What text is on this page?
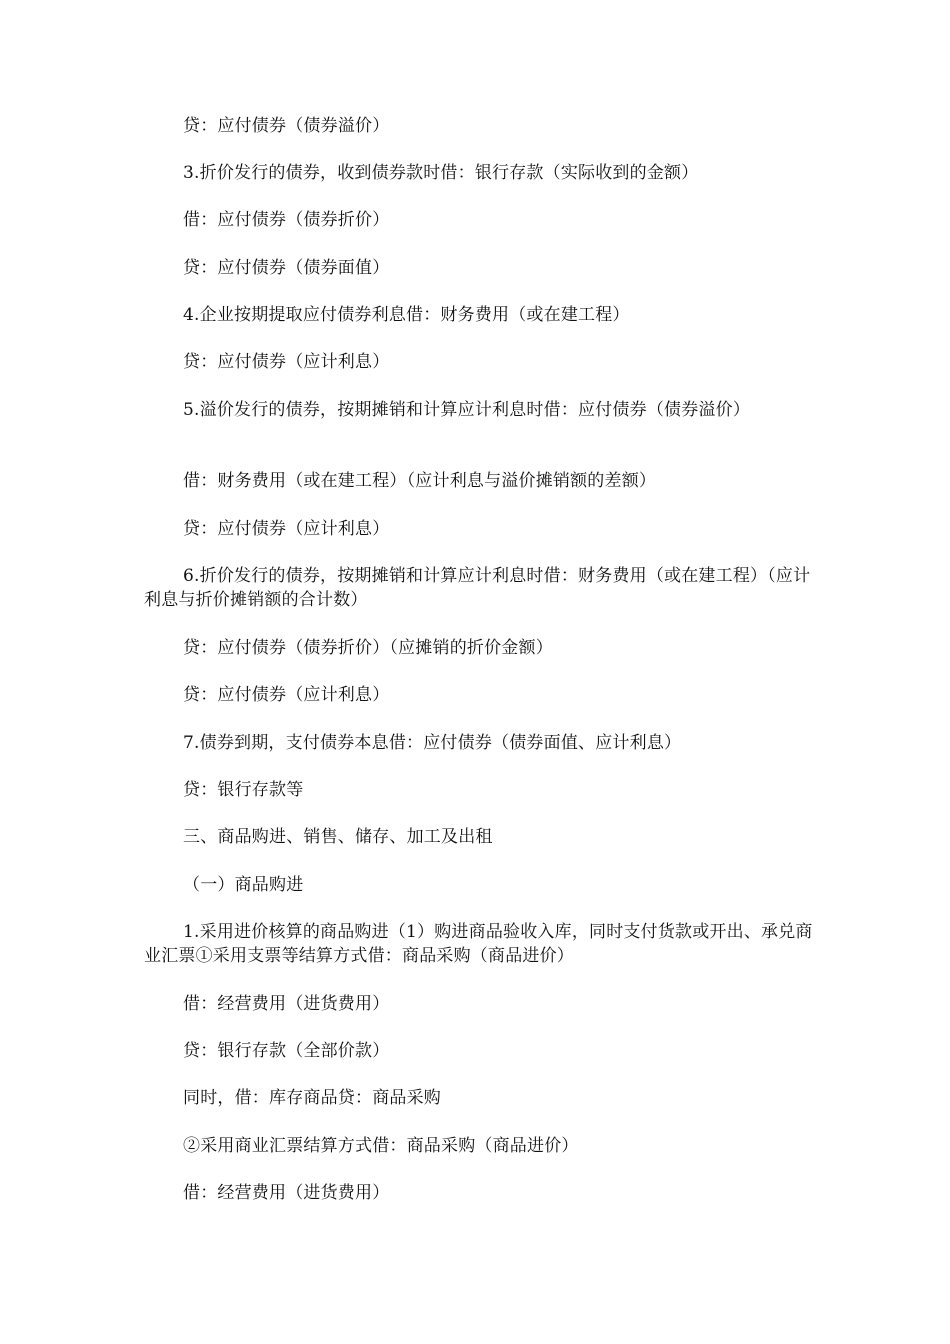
贷：应付债券（债券溢价）
3.折价发行的债券，收到债券款时借：银行存款（实际收到的金额）
借：应付债券（债券折价）
贷：应付债券（债券面值）
4.企业按期提取应付债券利息借：财务费用（或在建工程）
贷：应付债券（应计利息）
5.溢价发行的债券，按期摊销和计算应计利息时借：应付债券（债券溢价）
借：财务费用（或在建工程）（应计利息与溢价摊销额的差额）
贷：应付债券（应计利息）
6.折价发行的债券，按期摊销和计算应计利息时借：财务费用（或在建工程）（应计利息与折价摊销额的合计数）
贷：应付债券（债券折价）（应摊销的折价金额）
贷：应付债券（应计利息）
7.债券到期，支付债券本息借：应付债券（债券面值、应计利息）
贷：银行存款等
三、商品购进、销售、储存、加工及出租
（一）商品购进
1.采用进价核算的商品购进（1）购进商品验收入库，同时支付货款或开出、承兑商业汇票①采用支票等结算方式借：商品采购（商品进价）
借：经营费用（进货费用）
贷：银行存款（全部价款）
同时，借：库存商品贷：商品采购
②采用商业汇票结算方式借：商品采购（商品进价）
借：经营费用（进货费用）
